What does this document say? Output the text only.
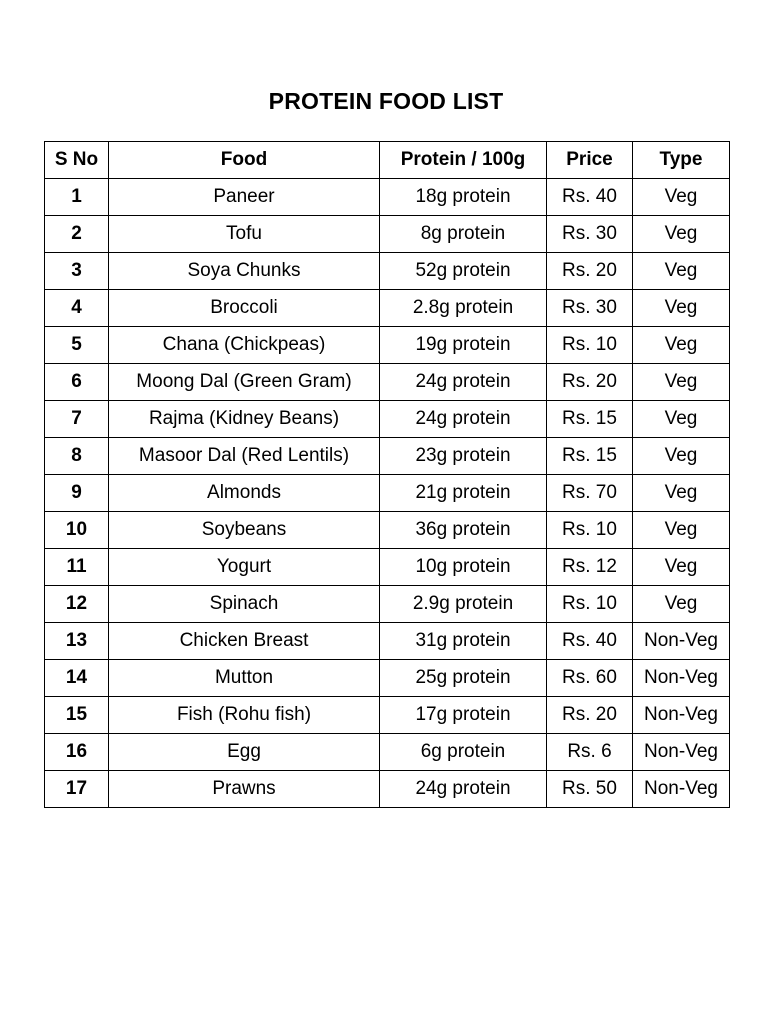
PROTEIN FOOD LIST
S No	Food	Protein / 100g	Price	Type
1	Paneer	18g protein	Rs. 40	Veg
2	Tofu	8g protein	Rs. 30	Veg
3	Soya Chunks	52g protein	Rs. 20	Veg
4	Broccoli	2.8g protein	Rs. 30	Veg
5	Chana (Chickpeas)	19g protein	Rs. 10	Veg
6	Moong Dal (Green Gram)	24g protein	Rs. 20	Veg
7	Rajma (Kidney Beans)	24g protein	Rs. 15	Veg
8	Masoor Dal (Red Lentils)	23g protein	Rs. 15	Veg
9	Almonds	21g protein	Rs. 70	Veg
10	Soybeans	36g protein	Rs. 10	Veg
11	Yogurt	10g protein	Rs. 12	Veg
12	Spinach	2.9g protein	Rs. 10	Veg
13	Chicken Breast	31g protein	Rs. 40	Non-Veg
14	Mutton	25g protein	Rs. 60	Non-Veg
15	Fish (Rohu fish)	17g protein	Rs. 20	Non-Veg
16	Egg	6g protein	Rs. 6	Non-Veg
17	Prawns	24g protein	Rs. 50	Non-Veg
